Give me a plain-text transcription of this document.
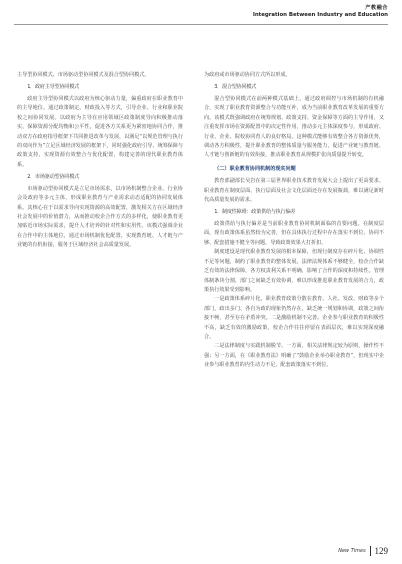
产教融合
Integration Between Industry and Education

主导型协同模式、市场驱动型协同模式及混合型协同模式。

1．政府主导型协同模式

政府主导型协同模式以政府为核心驱动力量，偏重政府在职业教育中的主导地位。通过政策制定、财政投入等方式，引导企业、行业和职业院校之间协同发展。以政府为主导在应用领域区政策制度导向积极推动落实。保障资源分配均衡和公平性，促进各方关系更为紧密地协同合作，推动双方在政府指导框架下共同推进改革与发展，以满足“以规范管理与执行的双向作为”立足区域经济发展的框架下，同时强化政府引导、统筹保障与政策支持，实现资源有效整合与优化配置，构建完善的现代职业教育体系。

2．市场驱动型协同模式

市场驱动型协同模式是立足市场需求，以市场机制整合企业、行业协会及政府等多元主体，形成职业教育与产业需求动态适配的协同发展体系。其核心在于以需求导向实现资源的高效配置，激发相关方在区域经济社会发展中的价值潜力，从而推动校企合作方式的多样化，使职业教育更加贴近市场实际需求，提升人才培养的针对性和实用性。该模式强调企业在合作中的主体地位，通过市场机制优化配置，实现教育链、人才链与产业链的有机衔接，服务于区域经济社会高质量发展。

为政府或市场驱动协同方式所以形成。

3．混合型协同模式

混合型协同模式在前两种模式基础上，通过政府调控与市场机制的有机融合，实现了职业教育资源整合与功能互补，成为当前职业教育改革发展的重要方向。该模式既强调政府在统筹规划、政策支持、资金保障等方面的主导作用，又注重发挥市场在资源配置中的决定性作用，推动多元主体深度参与，形成政府、行业、企业、院校协同育人的良好格局。这种模式能够有效整合各方资源优势，调动各方积极性，提升职业教育的整体质量与服务能力，促进产业链与教育链、人才链与创新链的有效衔接，推动职业教育从规模扩张向质量提升转变。

（二）职业教育协同机制的现实问题

教育部副部长吴岩在第三届世界职业技术教育发展大会上提出了更高要求。职业教育在制度层面、执行层面及社会文化层面还存在发展瓶颈，难以满足新时代高质量发展的需求。

1．制度性障碍：政策供给与执行偏差

政策供给与执行偏差是当前职业教育协同机制面临的首要问题。在制度层面，现有政策体系虽然较为完善，但在具体执行过程中存在落实不到位、协同不够、配套措施不健全等问题，导致政策效果大打折扣。

制度建设是现代职业教育发展的根本保障，但现行制度存在碎片化、协调性不足等问题，制约了职业教育的整体发展。法律法规体系不够健全，校企合作缺乏有效的法律保障，各方权责利关系不明确，影响了合作的深度和持续性。管理体制条块分割，部门之间缺乏有效协调，难以形成推进职业教育发展的合力，政策执行效果受到影响。

一是政策体系碎片化。职业教育政策分散在教育、人社、发改、财政等多个部门，政出多门、各自为政的现象仍然存在，缺乏统一规划和协调，政策之间衔接不畅，甚至存在矛盾冲突。二是激励机制不完善。企业参与职业教育的积极性不高，缺乏有效的激励政策，校企合作往往停留在表面层次，难以实现深度融合。

二是法律制度与实践机制脱节。一方面，相关法律规定较为原则，操作性不强；另一方面，在《职业教育法》明确了“鼓励企业举办职业教育”，但现实中企业参与职业教育的内生动力不足，配套政策落实不到位。

New Times 129
